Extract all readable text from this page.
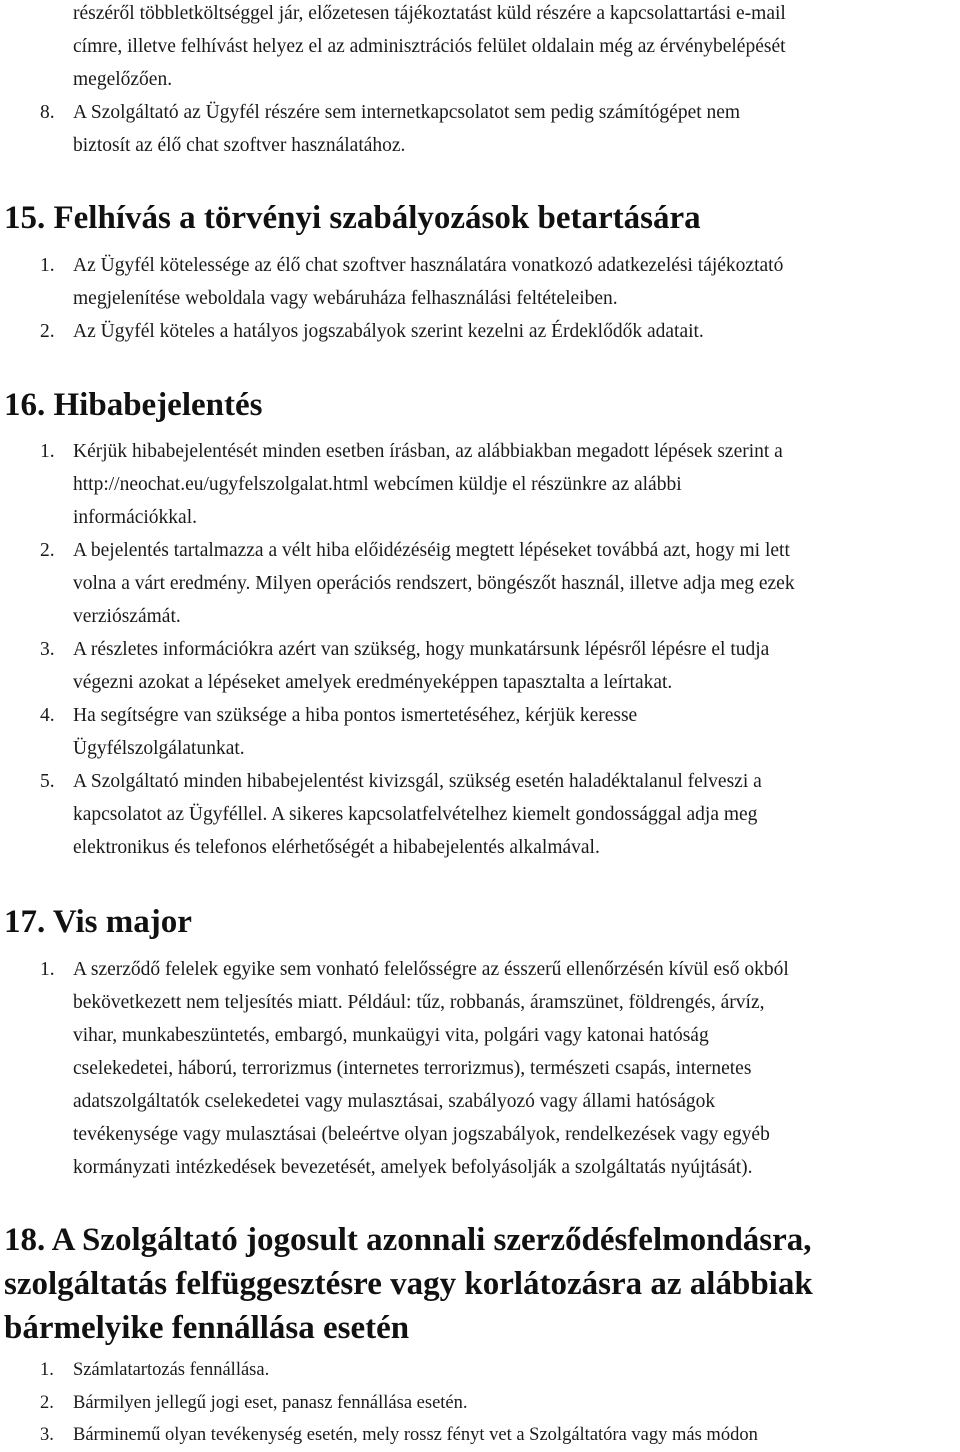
részéről többletköltséggel jár, előzetesen tájékoztatást küld részére a kapcsolattartási e-mail
címre, illetve felhívást helyez el az adminisztrációs felület oldalain még az érvénybelépését
megelőzően.
8. A Szolgáltató az Ügyfél részére sem internetkapcsolatot sem pedig számítógépet nem
biztosít az élő chat szoftver használatához.
15. Felhívás a törvényi szabályozások betartására
1. Az Ügyfél kötelessége az élő chat szoftver használatára vonatkozó adatkezelési tájékoztató
megjelenítése weboldala vagy webáruháza felhasználási feltételeiben.
2. Az Ügyfél köteles a hatályos jogszabályok szerint kezelni az Érdeklődők adatait.
16. Hibabejelentés
1. Kérjük hibabejelentését minden esetben írásban, az alábbiakban megadott lépések szerint a
http://neochat.eu/ugyfelszolgalat.html webcímen küldje el részünkre az alábbi
információkkal.
2. A bejelentés tartalmazza a vélt hiba előidézéséig megtett lépéseket továbbá azt, hogy mi lett
volna a várt eredmény. Milyen operációs rendszert, böngészőt használ, illetve adja meg ezek
verziószámát.
3. A részletes információkra azért van szükség, hogy munkatársunk lépésről lépésre el tudja
végezni azokat a lépéseket amelyek eredményeképpen tapasztalta a leírtakat.
4. Ha segítségre van szüksége a hiba pontos ismertetéséhez, kérjük keresse
Ügyfélszolgálatunkat.
5. A Szolgáltató minden hibabejelentést kivizsgál, szükség esetén haladéktalanul felveszi a
kapcsolatot az Ügyféllel. A sikeres kapcsolatfelvételhez kiemelt gondossággal adja meg
elektronikus és telefonos elérhetőségét a hibabejelentés alkalmával.
17. Vis major
1. A szerződő felelek egyike sem vonható felelősségre az ésszerű ellenőrzésén kívül eső okból
bekövetkezett nem teljesítés miatt. Például: tűz, robbanás, áramszünet, földrengés, árvíz,
vihar, munkabeszüntetés, embargó, munkaügyi vita, polgári vagy katonai hatóság
cselekedetei, háború, terrorizmus (internetes terrorizmus), természeti csapás, internetes
adatszolgáltatók cselekedetei vagy mulasztásai, szabályozó vagy állami hatóságok
tevékenysége vagy mulasztásai (beleértve olyan jogszabályok, rendelkezések vagy egyéb
kormányzati intézkedések bevezetését, amelyek befolyásolják a szolgáltatás nyújtását).
18. A Szolgáltató jogosult azonnali szerződésfelmondásra,
szolgáltatás felfüggesztésre vagy korlátozásra az alábbiak
bármelyike fennállása esetén
1.	Számlatartozás fennállása.
2.	Bármilyen jellegű jogi eset, panasz fennállása esetén.
3.	Bárminemű olyan tevékenység esetén, mely rossz fényt vet a Szolgáltatóra vagy más módon
